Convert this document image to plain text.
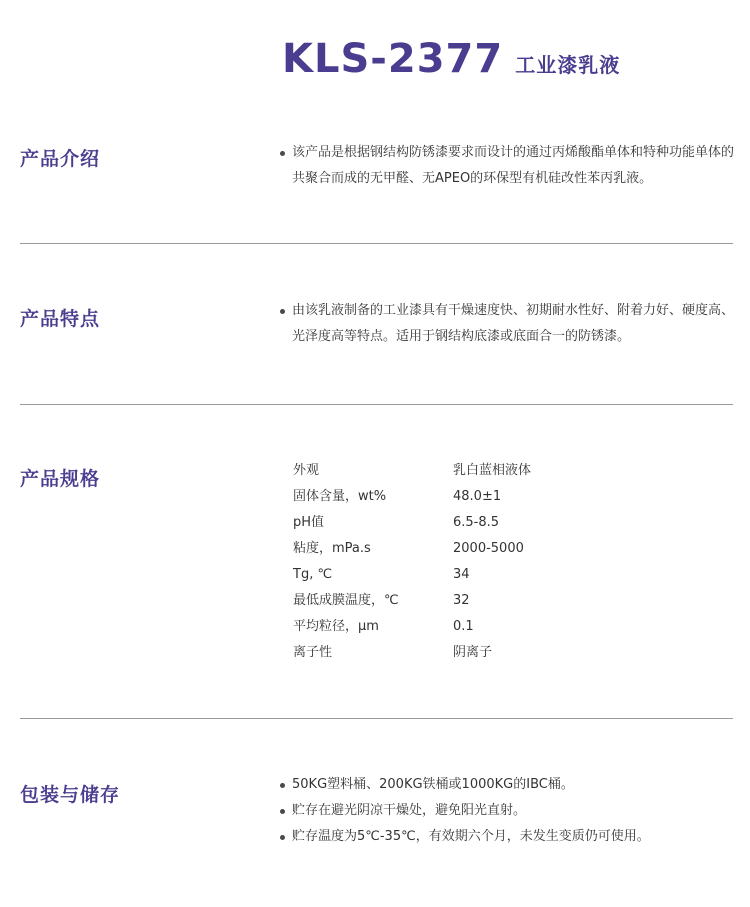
KLS-2377 工业漆乳液
产品介绍	该产品是根据钢结构防锈漆要求而设计的通过丙烯酸酯单体和特种功能单体的共聚合而成的无甲醛、无APEO的环保型有机硅改性苯丙乳液。
产品特点	由该乳液制备的工业漆具有干燥速度快、初期耐水性好、附着力好、硬度高、光泽度高等特点。适用于钢结构底漆或底面合一的防锈漆。
产品规格	外观	乳白蓝相液体
固体含量，wt%	48.0±1
pH值	6.5-8.5
粘度，mPa.s	2000-5000
Tg, ℃	34
最低成膜温度，℃	32
平均粒径，μm	0.1
离子性	阴离子
包装与储存	50KG塑料桶、200KG铁桶或1000KG的IBC桶。
贮存在避光阴凉干燥处，避免阳光直射。
贮存温度为5℃-35℃，有效期六个月，未发生变质仍可使用。
